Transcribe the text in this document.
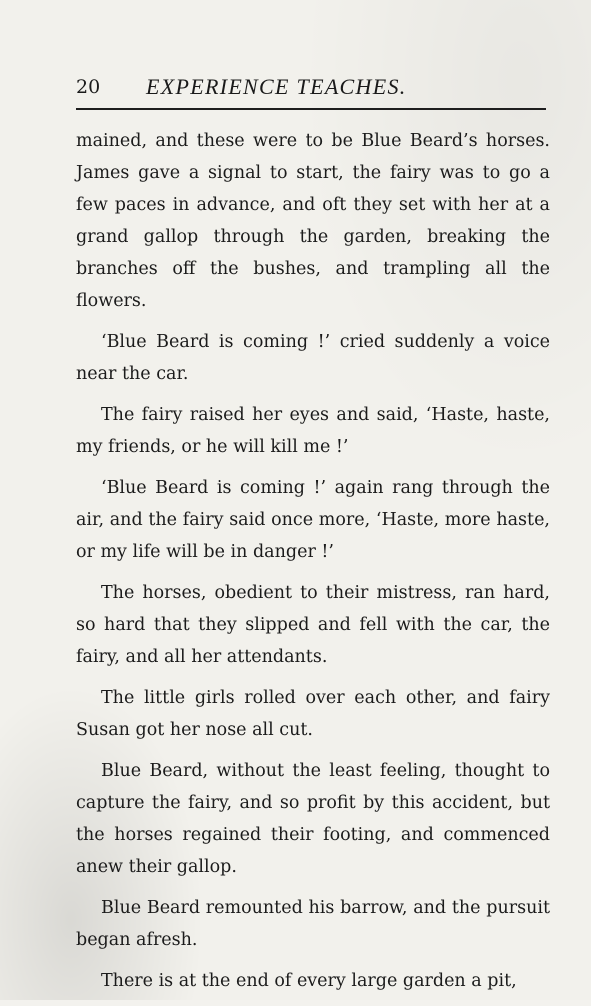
20 EXPERIENCE TEACHES.

mained, and these were to be Blue Beard’s horses. James gave a signal to start, the fairy was to go a few paces in advance, and oft they set with her at a grand gallop through the garden, breaking the branches off the bushes, and trampling all the flowers.

‘Blue Beard is coming !’ cried suddenly a voice near the car.

The fairy raised her eyes and said, ‘Haste, haste, my friends, or he will kill me !’

‘Blue Beard is coming !’ again rang through the air, and the fairy said once more, ‘Haste, more haste, or my life will be in danger !’

The horses, obedient to their mistress, ran hard, so hard that they slipped and fell with the car, the fairy, and all her attendants.

The little girls rolled over each other, and fairy Susan got her nose all cut.

Blue Beard, without the least feeling, thought to capture the fairy, and so profit by this accident, but the horses regained their footing, and commenced anew their gallop.

Blue Beard remounted his barrow, and the pursuit began afresh.

There is at the end of every large garden a pit,
